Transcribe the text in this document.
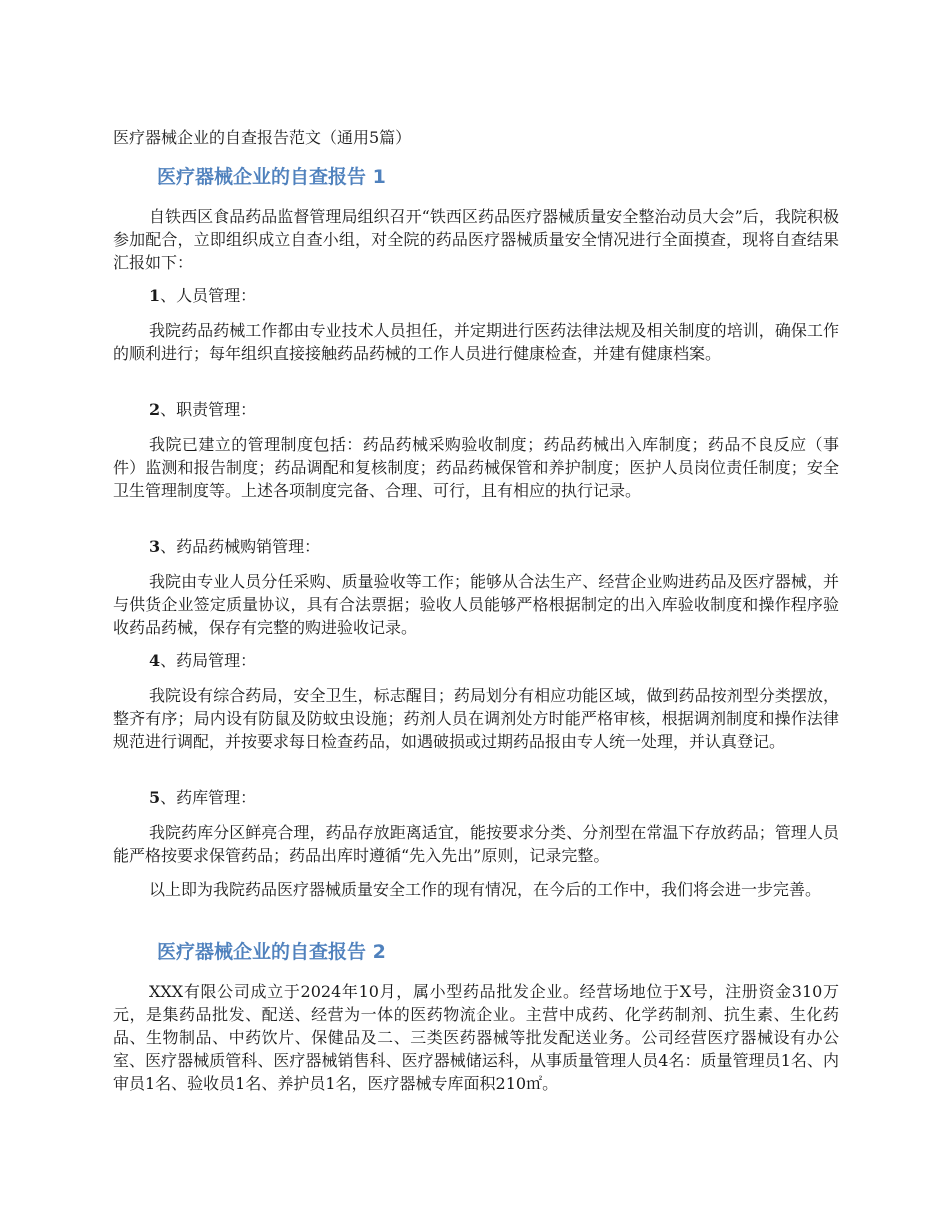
医疗器械企业的自查报告范文（通用5篇）
医疗器械企业的自查报告 1
自铁西区食品药品监督管理局组织召开“铁西区药品医疗器械质量安全整治动员大会”后，我院积极参加配合，立即组织成立自查小组，对全院的药品医疗器械质量安全情况进行全面摸查，现将自查结果汇报如下：
1、人员管理：
我院药品药械工作都由专业技术人员担任，并定期进行医药法律法规及相关制度的培训，确保工作的顺利进行；每年组织直接接触药品药械的工作人员进行健康检查，并建有健康档案。
2、职责管理：
我院已建立的管理制度包括：药品药械采购验收制度；药品药械出入库制度；药品不良反应（事件）监测和报告制度；药品调配和复核制度；药品药械保管和养护制度；医护人员岗位责任制度；安全卫生管理制度等。上述各项制度完备、合理、可行，且有相应的执行记录。
3、药品药械购销管理：
我院由专业人员分任采购、质量验收等工作；能够从合法生产、经营企业购进药品及医疗器械，并与供货企业签定质量协议，具有合法票据；验收人员能够严格根据制定的出入库验收制度和操作程序验收药品药械，保存有完整的购进验收记录。
4、药局管理：
我院设有综合药局，安全卫生，标志醒目；药局划分有相应功能区域，做到药品按剂型分类摆放，整齐有序；局内设有防鼠及防蚊虫设施；药剂人员在调剂处方时能严格审核，根据调剂制度和操作法律规范进行调配，并按要求每日检查药品，如遇破损或过期药品报由专人统一处理，并认真登记。
5、药库管理：
我院药库分区鲜亮合理，药品存放距离适宜，能按要求分类、分剂型在常温下存放药品；管理人员能严格按要求保管药品；药品出库时遵循“先入先出”原则，记录完整。
以上即为我院药品医疗器械质量安全工作的现有情况，在今后的工作中，我们将会进一步完善。
医疗器械企业的自查报告 2
XXX有限公司成立于2024年10月，属小型药品批发企业。经营场地位于X号，注册资金310万元，是集药品批发、配送、经营为一体的医药物流企业。主营中成药、化学药制剂、抗生素、生化药品、生物制品、中药饮片、保健品及二、三类医药器械等批发配送业务。公司经营医疗器械设有办公室、医疗器械质管科、医疗器械销售科、医疗器械储运科，从事质量管理人员4名：质量管理员1名、内审员1名、验收员1名、养护员1名，医疗器械专库面积210㎡。
